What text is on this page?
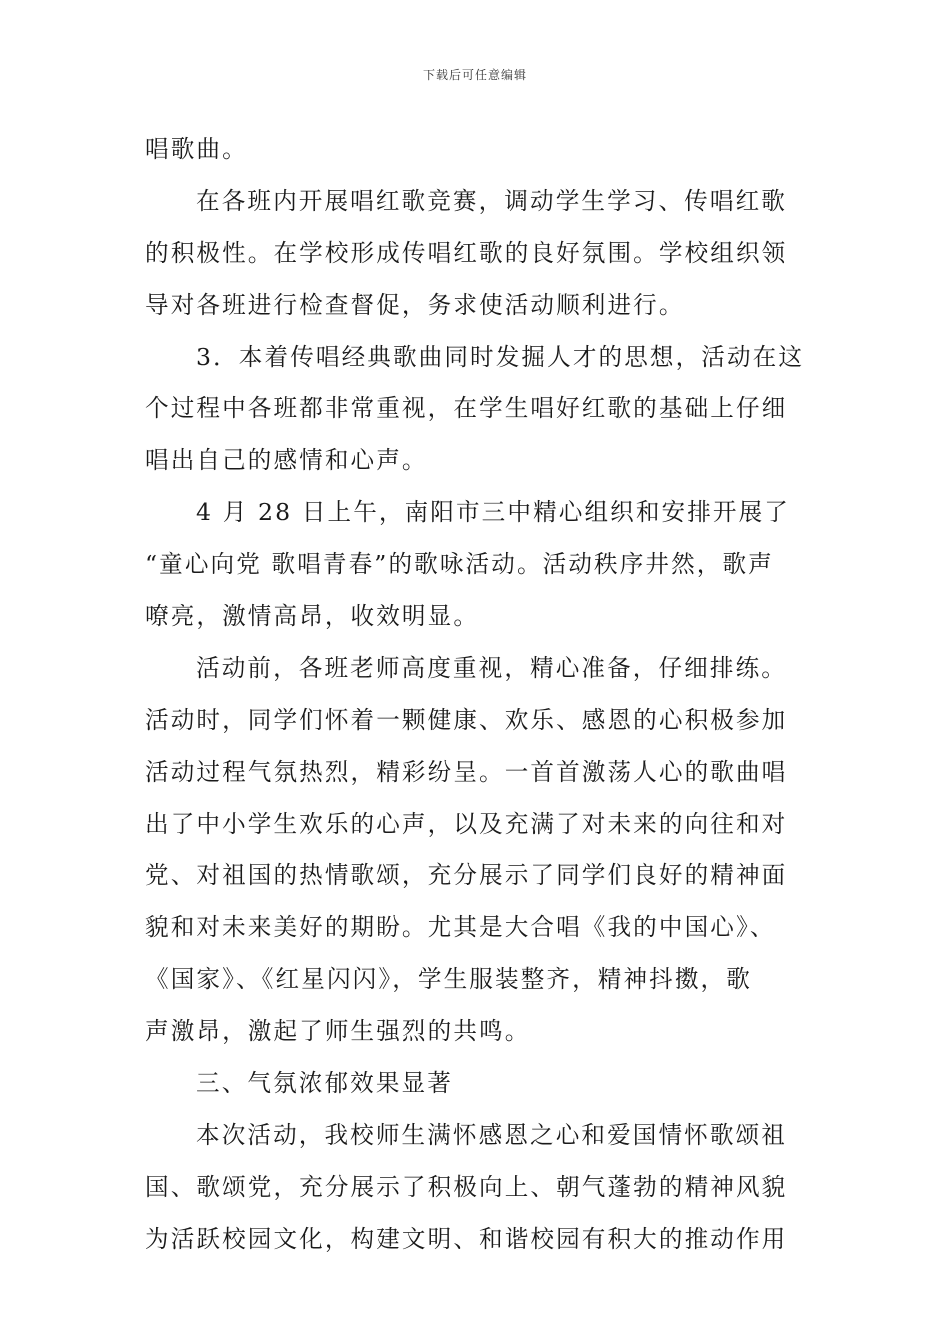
下载后可任意编辑
唱歌曲。
在各班内开展唱红歌竞赛，调动学生学习、传唱红歌
的积极性。在学校形成传唱红歌的良好氛围。学校组织领
导对各班进行检查督促，务求使活动顺利进行。
3．本着传唱经典歌曲同时发掘人才的思想，活动在这
个过程中各班都非常重视，在学生唱好红歌的基础上仔细
唱出自己的感情和心声。
4 月 28 日上午，南阳市三中精心组织和安排开展了
“童心向党 歌唱青春”的歌咏活动。活动秩序井然，歌声
嘹亮，激情高昂，收效明显。
活动前，各班老师高度重视，精心准备，仔细排练。
活动时，同学们怀着一颗健康、欢乐、感恩的心积极参加
活动过程气氛热烈，精彩纷呈。一首首激荡人心的歌曲唱
出了中小学生欢乐的心声，以及充满了对未来的向往和对
党、对祖国的热情歌颂，充分展示了同学们良好的精神面
貌和对未来美好的期盼。尤其是大合唱《我的中国心》、
《国家》、《红星闪闪》，学生服装整齐，精神抖擞，歌
声激昂，激起了师生强烈的共鸣。
三、气氛浓郁效果显著
本次活动，我校师生满怀感恩之心和爱国情怀歌颂祖
国、歌颂党，充分展示了积极向上、朝气蓬勃的精神风貌
为活跃校园文化，构建文明、和谐校园有积大的推动作用
